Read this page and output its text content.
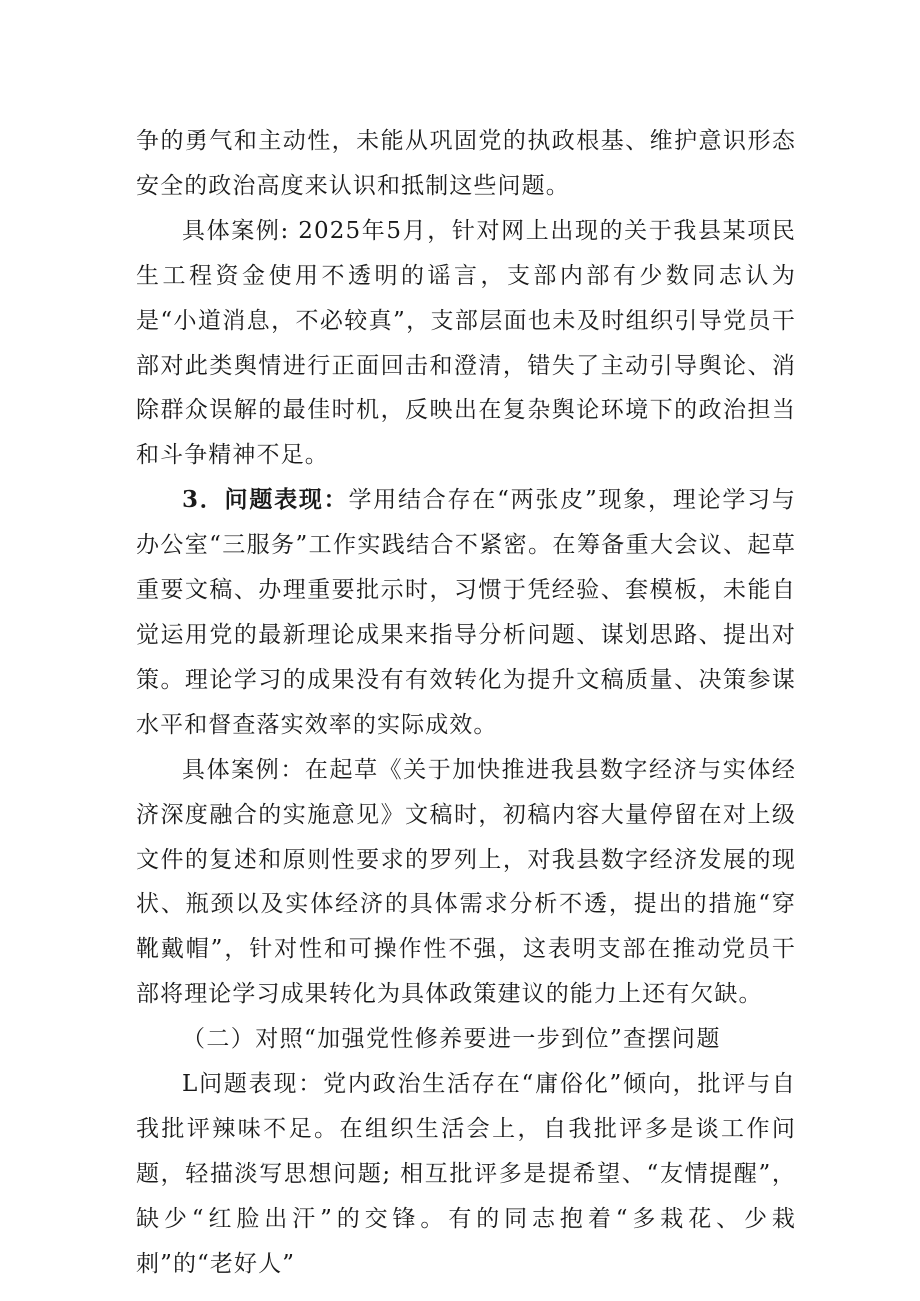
争的勇气和主动性，未能从巩固党的执政根基、维护意识形态安全的政治高度来认识和抵制这些问题。

具体案例: 2025年5月，针对网上出现的关于我县某项民生工程资金使用不透明的谣言，支部内部有少数同志认为是“小道消息，不必较真”，支部层面也未及时组织引导党员干部对此类舆情进行正面回击和澄清，错失了主动引导舆论、消除群众误解的最佳时机，反映出在复杂舆论环境下的政治担当和斗争精神不足。

3．问题表现：学用结合存在“两张皮”现象，理论学习与办公室“三服务”工作实践结合不紧密。在筹备重大会议、起草重要文稿、办理重要批示时，习惯于凭经验、套模板，未能自觉运用党的最新理论成果来指导分析问题、谋划思路、提出对策。理论学习的成果没有有效转化为提升文稿质量、决策参谋水平和督查落实效率的实际成效。

具体案例：在起草《关于加快推进我县数字经济与实体经济深度融合的实施意见》文稿时，初稿内容大量停留在对上级文件的复述和原则性要求的罗列上，对我县数字经济发展的现状、瓶颈以及实体经济的具体需求分析不透，提出的措施“穿靴戴帽”，针对性和可操作性不强，这表明支部在推动党员干部将理论学习成果转化为具体政策建议的能力上还有欠缺。

（二）对照“加强党性修养要进一步到位”查摆问题

L问题表现：党内政治生活存在“庸俗化”倾向，批评与自我批评辣味不足。在组织生活会上，自我批评多是谈工作问题，轻描淡写思想问题; 相互批评多是提希望、“友情提醒”，缺少“红脸出汗”的交锋。有的同志抱着“多栽花、少栽刺”的“老好人”
